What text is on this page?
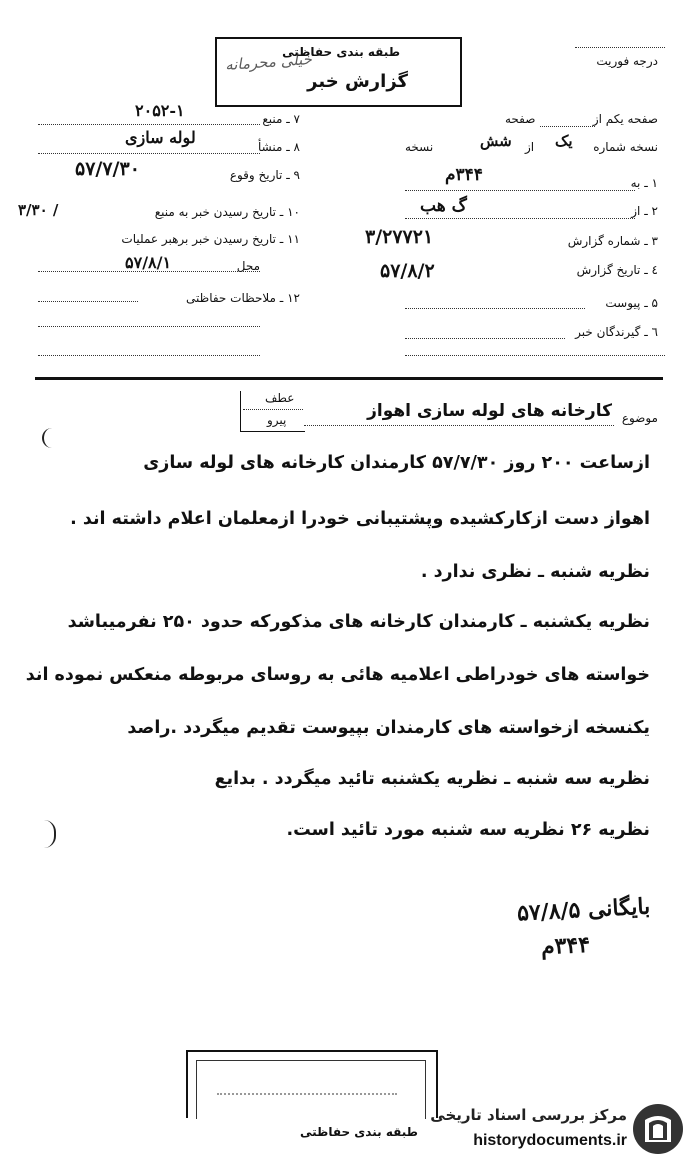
طبقه بندی حفاظتی
خیلی محرمانه
گزارش خبر
درجه فوریت
صفحه یکم از
صفحه
نسخه شماره
یک
از
شش
نسخه
۱ ـ به
۳۴۴م
۲ ـ از
گ هب
۳ ـ شماره گزارش
۳/۲۷۷۲۱
٤ ـ تاریخ گزارش
۵۷/۸/۲
۵ ـ پیوست
٦ ـ گیرندگان خبر
۷ ـ منبع
۲۰۵۲-۱
۸ ـ منشأ
لوله سازی
۹ ـ تاریخ وقوع
۵۷/۷/۳۰
۱۰ ـ تاریخ رسیدن خبر به منبع
۳/۳۰ /
۱۱ ـ تاریخ رسیدن خبر برهبر عملیات
محل
۵۷/۸/۱
۱۲ ـ ملاحظات حفاظتی
عطف
پیرو	موضوع
کارخانه های لوله سازی اهواز
ازساعت ۲۰۰ روز ۵۷/۷/۳۰ کارمندان کارخانه های لوله سازی
اهواز دست ازکارکشیده وپشتیبانی خودرا ازمعلمان اعلام داشته اند .
نظریه شنبه ـ نظری ندارد .
نظریه یکشنبه ـ کارمندان کارخانه های مذکورکه حدود ۲۵۰ نفرمیباشد
خواسته های خودراطی اعلامیه هائی به روسای مربوطه منعکس نموده اند
یکنسخه ازخواسته های کارمندان بپیوست تقدیم میگردد .راصد
نظریه سه شنبه ـ نظریه یکشنبه تائید میگردد . بدایع
نظریه ۲۶ نظریه سه شنبه مورد تائید است.
بایگانی ۵۷/۸/۵
۳۴۴م
طبقه بندی حفاظتی
مرکز بررسی اسناد تاریخی
historydocuments.ir
